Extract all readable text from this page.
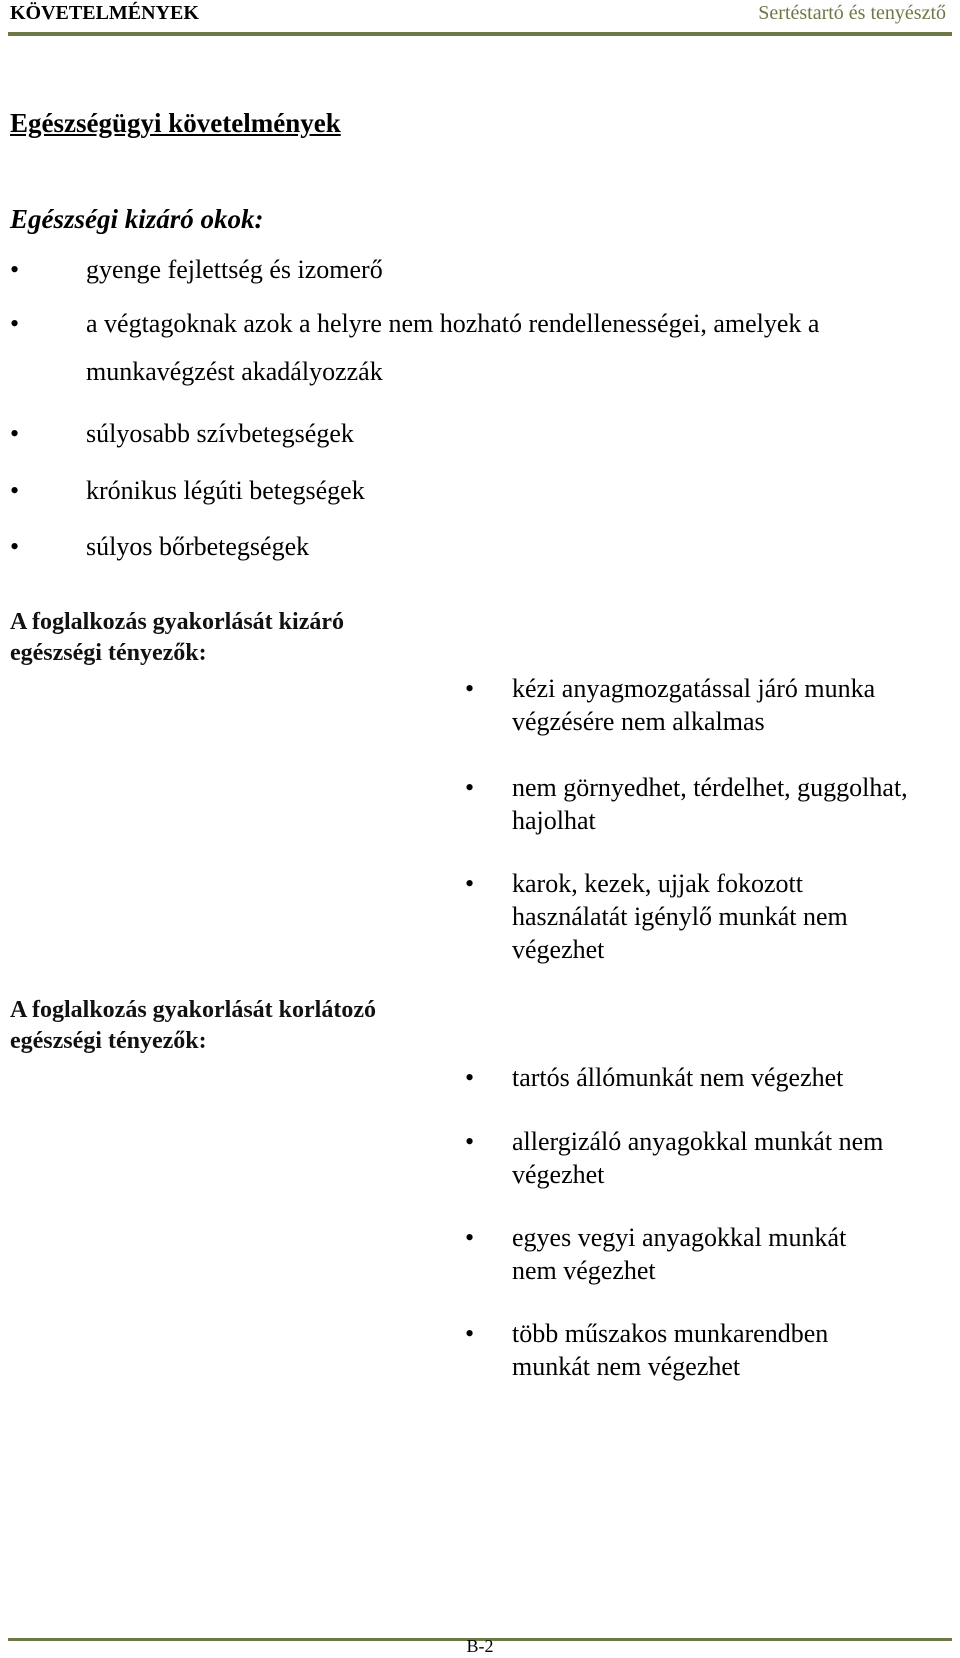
KÖVETELMÉNYEK	Sertéstartó és tenyésztő
Egészségügyi követelmények
Egészségi kizáró okok:
•	gyenge fejlettség és izomerő
•	a végtagoknak azok a helyre nem hozható rendellenességei, amelyek a munkavégzést akadályozzák
•	súlyosabb szívbetegségek
•	krónikus légúti betegségek
•	súlyos bőrbetegségek
A foglalkozás gyakorlását kizáró egészségi tényezők:
• kézi anyagmozgatással járó munka végzésére nem alkalmas
• nem görnyedhet, térdelhet, guggolhat, hajolhat
• karok, kezek, ujjak fokozott használatát igénylő munkát nem végezhet
A foglalkozás gyakorlását korlátozó egészségi tényezők:
• tartós állómunkát nem végezhet
• allergizáló anyagokkal munkát nem végezhet
• egyes vegyi anyagokkal munkát nem végezhet
• több műszakos munkarendben munkát nem végezhet
B-2
